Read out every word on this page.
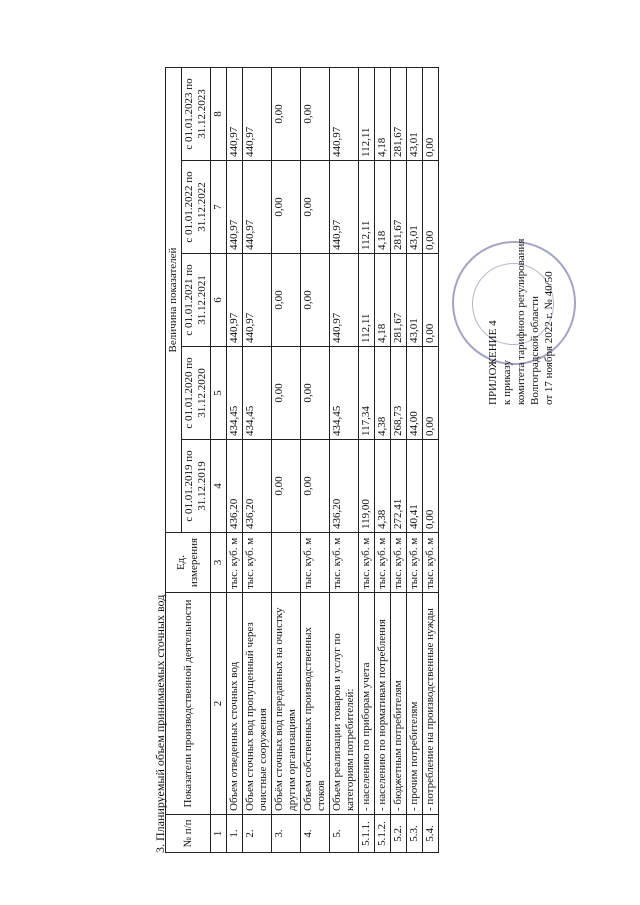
ПРИЛОЖЕНИЕ 4 к приказу комитета тарифного регулирования Волгоградской области от 17 ноября 2022 г. № 40/50
3. Планируемый объем принимаемых сточных вод № п/п	Показатели производственной деятельности	Ед. измерения	Величина показателей				
			с 01.01.2019 по 31.12.2019	с 01.01.2020 по 31.12.2020	с 01.01.2021 по 31.12.2021	с 01.01.2022 по 31.12.2022	с 01.01.2023 по 31.12.2023
1	2	3	4	5	6	7	8
1.	Объем отведенных сточных вод	тыс. куб. м	436,20	434,45	440,97	440,97	440,97
2.	Объем сточных вод пропущенный через очистные сооружения	тыс. куб. м	436,20	434,45	440,97	440,97	440,97
3.	Объём сточных вод переданных на очистку другим организациям		0,00	0,00	0,00	0,00	0,00
4.	Объем собственных производственных стоков	тыс. куб. м	0,00	0,00	0,00	0,00	0,00
5.	Объем реализации товаров и услуг по категориям потребителей:	тыс. куб. м	436,20	434,45	440,97	440,97	440,97
5.1.1.	- населению по приборам учета	тыс. куб. м	119,00	117,34	112,11	112,11	112,11
5.1.2.	- населению по нормативам потребления	тыс. куб. м	4,38	4,38	4,18	4,18	4,18
5.2.	- бюджетным потребителям	тыс. куб. м	272,41	268,73	281,67	281,67	281,67
5.3.	- прочим потребителям	тыс. куб. м	40,41	44,00	43,01	43,01	43,01
5.4.	- потребление на производственные нужды	тыс. куб. м	0,00	0,00	0,00	0,00	0,00
